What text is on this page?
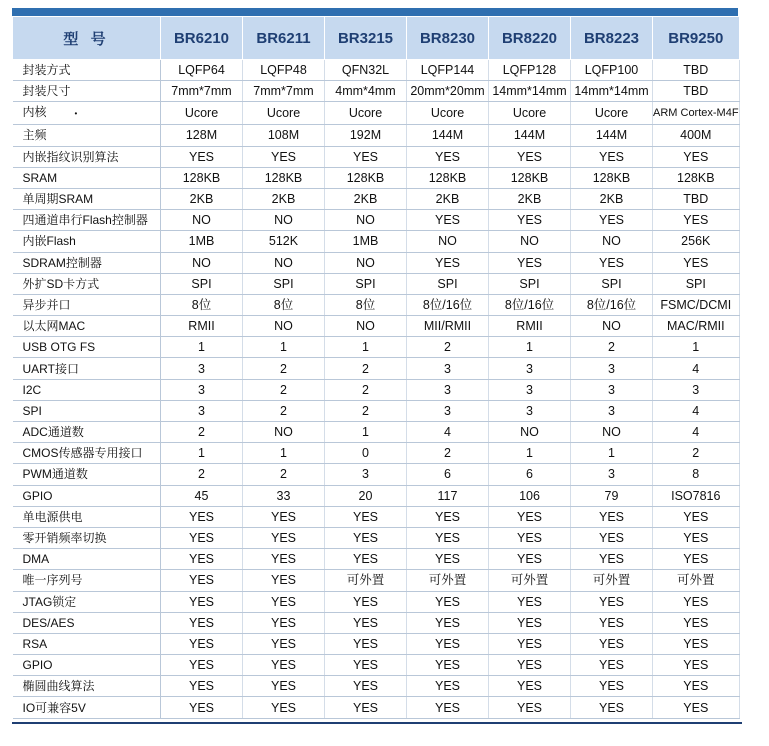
型 号	BR6210	BR6211	BR3215	BR8230	BR8220	BR8223	BR9250
封装方式	LQFP64	LQFP48	QFN32L	LQFP144	LQFP128	LQFP100	TBD
封装尺寸	7mm*7mm	7mm*7mm	4mm*4mm	20mm*20mm	14mm*14mm	14mm*14mm	TBD
内核 •	Ucore	Ucore	Ucore	Ucore	Ucore	Ucore	ARM Cortex-M4F
主频	128M	108M	192M	144M	144M	144M	400M
内嵌指纹识别算法	YES	YES	YES	YES	YES	YES	YES
SRAM	128KB	128KB	128KB	128KB	128KB	128KB	128KB
单周期SRAM	2KB	2KB	2KB	2KB	2KB	2KB	TBD
四通道串行Flash控制器	NO	NO	NO	YES	YES	YES	YES
内嵌Flash	1MB	512K	1MB	NO	NO	NO	256K
SDRAM控制器	NO	NO	NO	YES	YES	YES	YES
外扩SD卡方式	SPI	SPI	SPI	SPI	SPI	SPI	SPI
异步并口	8位	8位	8位	8位/16位	8位/16位	8位/16位	FSMC/DCMI
以太网MAC	RMII	NO	NO	MII/RMII	RMII	NO	MAC/RMII
USB OTG FS	1	1	1	2	1	2	1
UART接口	3	2	2	3	3	3	4
I2C	3	2	2	3	3	3	3
SPI	3	2	2	3	3	3	4
ADC通道数	2	NO	1	4	NO	NO	4
CMOS传感器专用接口	1	1	0	2	1	1	2
PWM通道数	2	2	3	6	6	3	8
GPIO	45	33	20	117	106	79	ISO7816
单电源供电	YES	YES	YES	YES	YES	YES	YES
零开销频率切换	YES	YES	YES	YES	YES	YES	YES
DMA	YES	YES	YES	YES	YES	YES	YES
唯一序列号	YES	YES	可外置	可外置	可外置	可外置	可外置
JTAG锁定	YES	YES	YES	YES	YES	YES	YES
DES/AES	YES	YES	YES	YES	YES	YES	YES
RSA	YES	YES	YES	YES	YES	YES	YES
GPIO	YES	YES	YES	YES	YES	YES	YES
椭圆曲线算法	YES	YES	YES	YES	YES	YES	YES
IO可兼容5V	YES	YES	YES	YES	YES	YES	YES
